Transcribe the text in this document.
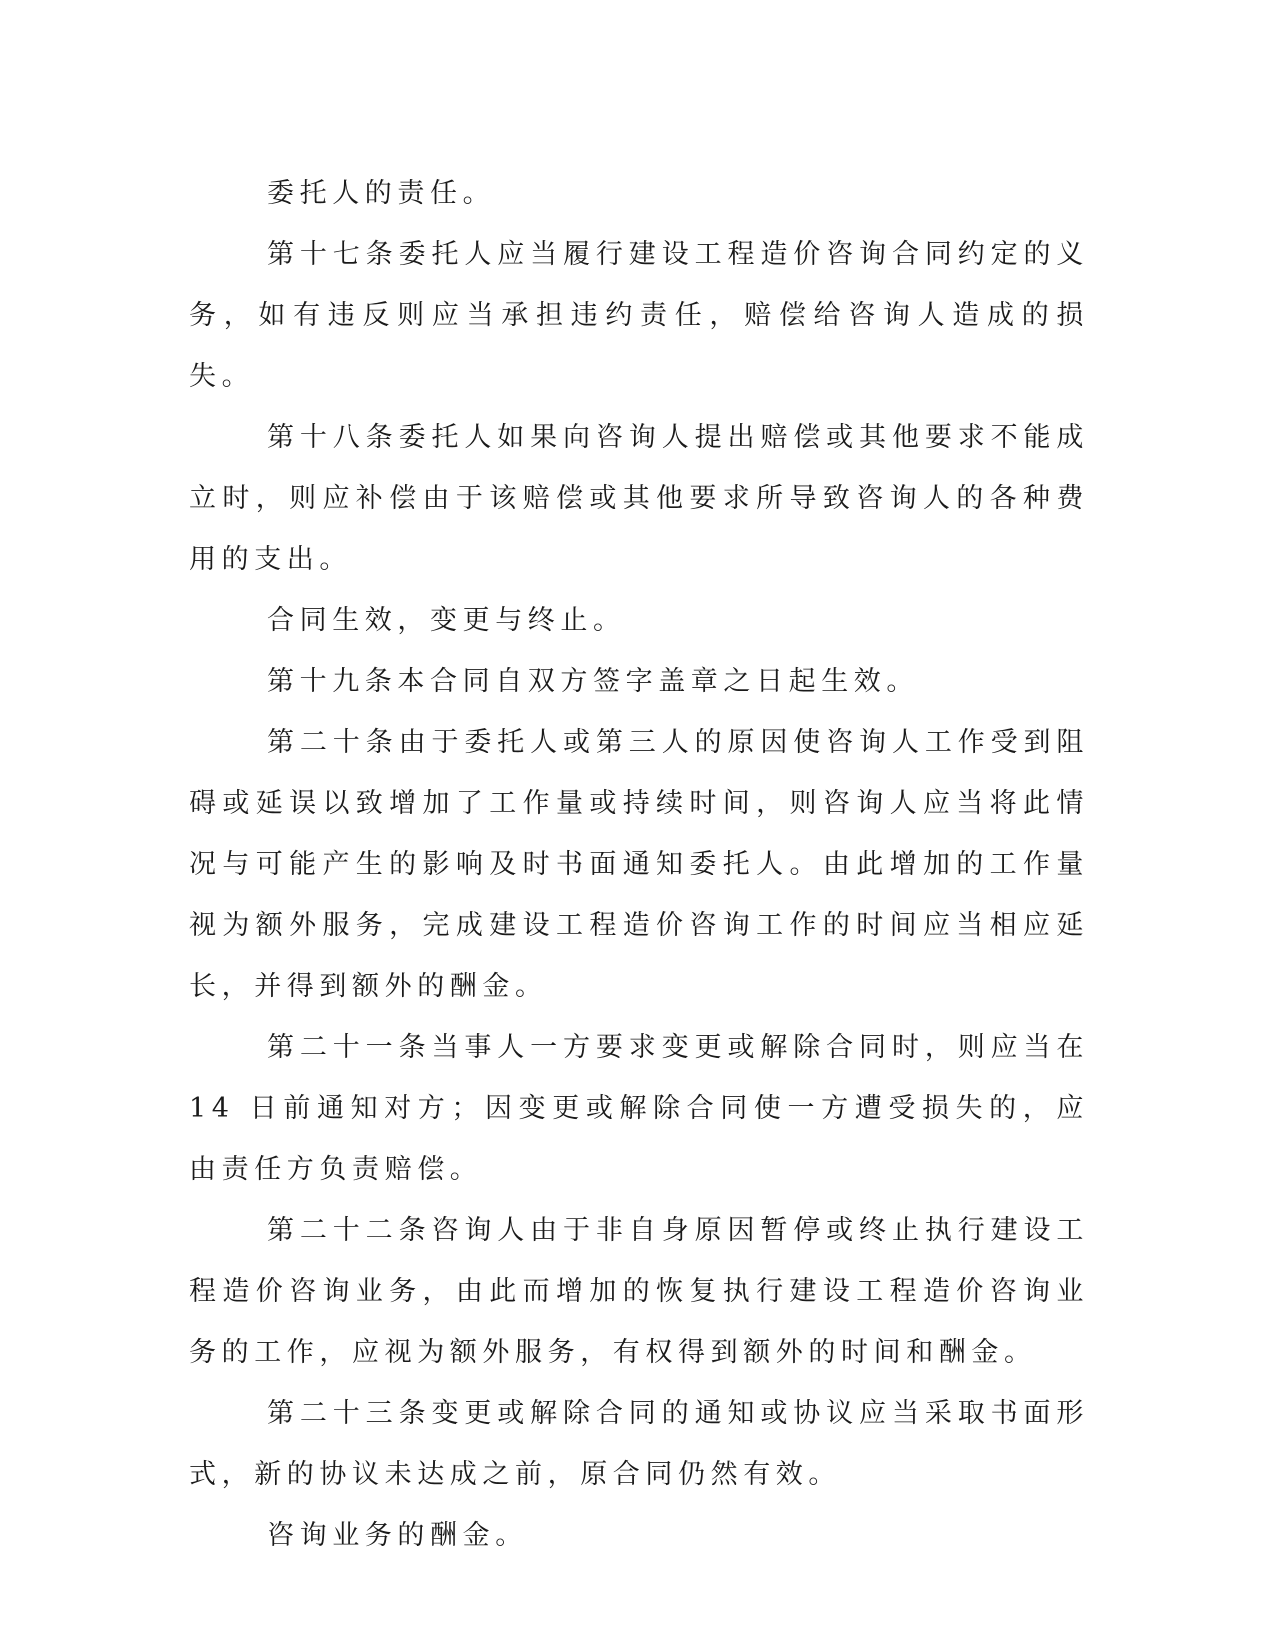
委托人的责任。

第十七条委托人应当履行建设工程造价咨询合同约定的义务，如有违反则应当承担违约责任，赔偿给咨询人造成的损失。

第十八条委托人如果向咨询人提出赔偿或其他要求不能成立时，则应补偿由于该赔偿或其他要求所导致咨询人的各种费用的支出。

合同生效，变更与终止。

第十九条本合同自双方签字盖章之日起生效。

第二十条由于委托人或第三人的原因使咨询人工作受到阻碍或延误以致增加了工作量或持续时间，则咨询人应当将此情况与可能产生的影响及时书面通知委托人。由此增加的工作量视为额外服务，完成建设工程造价咨询工作的时间应当相应延长，并得到额外的酬金。

第二十一条当事人一方要求变更或解除合同时，则应当在 14 日前通知对方；因变更或解除合同使一方遭受损失的，应由责任方负责赔偿。

第二十二条咨询人由于非自身原因暂停或终止执行建设工程造价咨询业务，由此而增加的恢复执行建设工程造价咨询业务的工作，应视为额外服务，有权得到额外的时间和酬金。

第二十三条变更或解除合同的通知或协议应当采取书面形式，新的协议未达成之前，原合同仍然有效。

咨询业务的酬金。
